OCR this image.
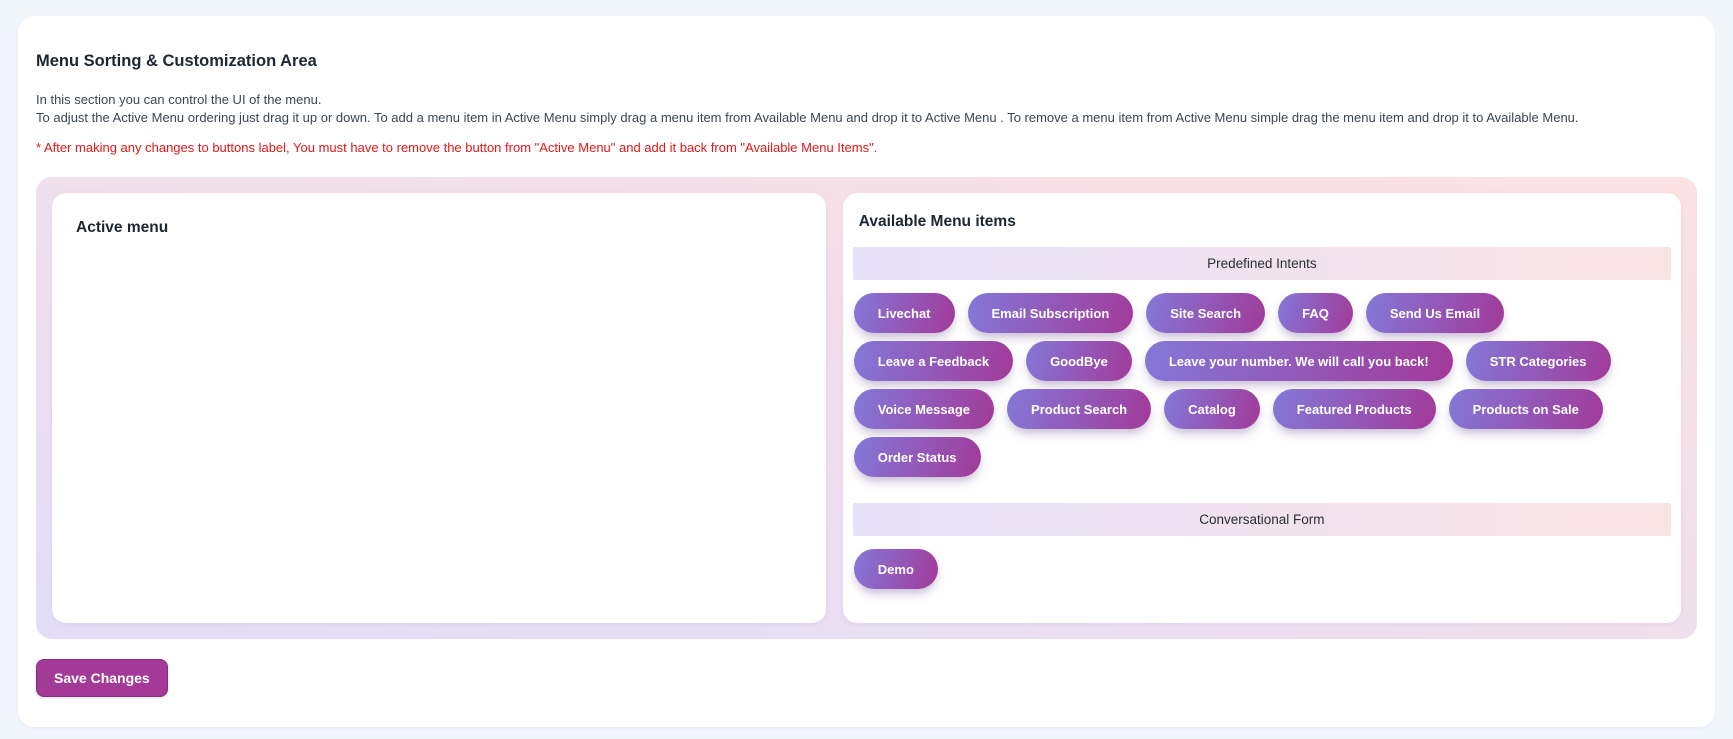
Menu Sorting & Customization Area

In this section you can control the UI of the menu.

To adjust the Active Menu ordering just drag it up or down. To add a menu item in Active Menu simply drag a menu item from Available Menu and drop it to Active Menu . To remove a menu item from Active Menu simple drag the menu item and drop it to Available Menu.

* After making any changes to buttons label, You must have to remove the button from "Active Menu" and add it back from "Available Menu Items".

Active menu	Available Menu items
Predefined Intents
Livechat	Email Subscription	Site Search	FAQ	Send Us Email
Leave a Feedback	GoodBye	Leave your number. We will call you back!	STR Categories
Voice Message	Product Search	Catalog	Featured Products	Products on Sale
Order Status
Conversational Form
Demo
Save Changes
